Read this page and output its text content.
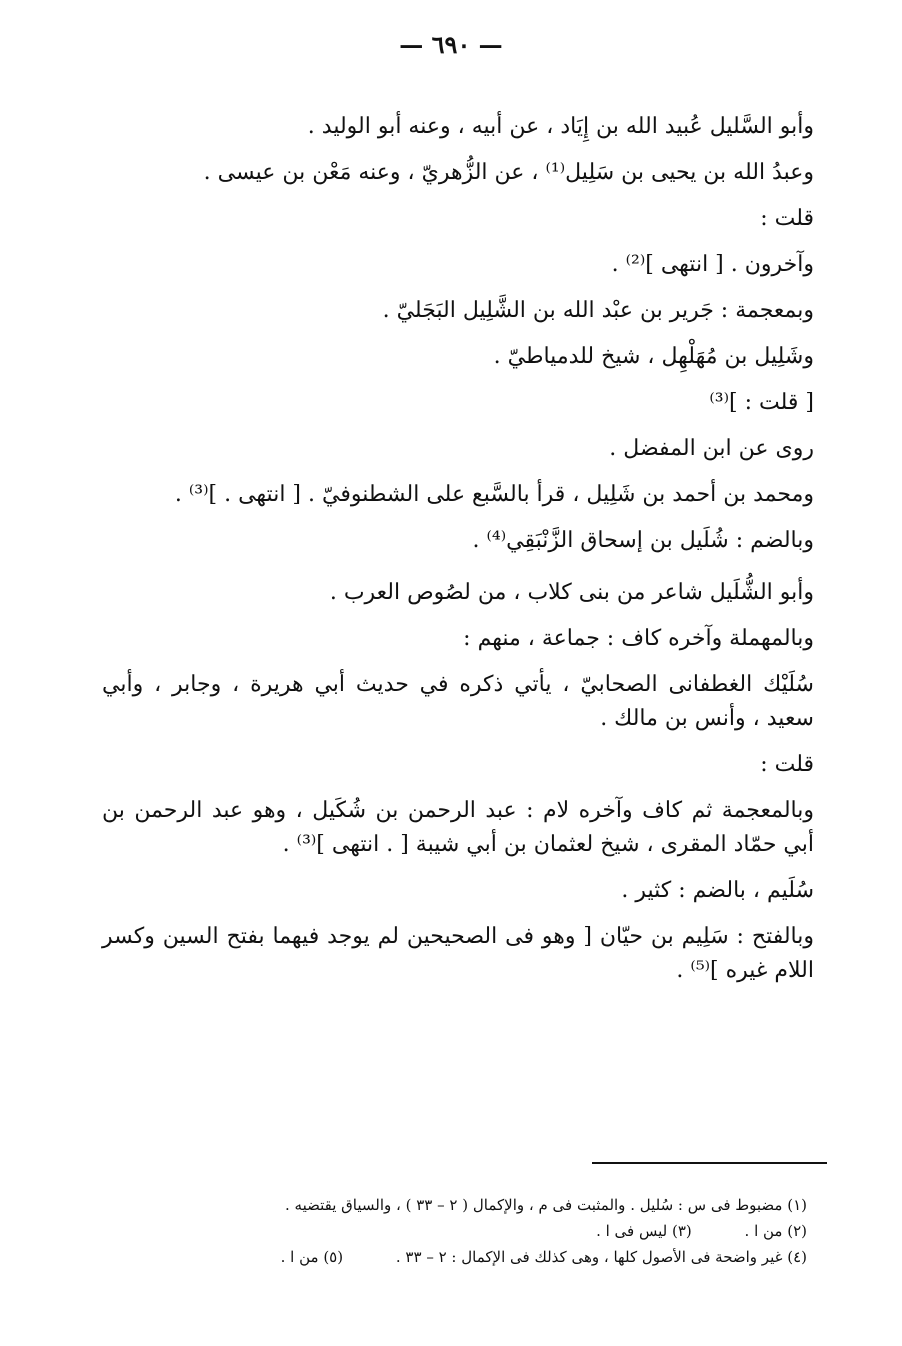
— ٦٩٠ —

وأبو السَّليل عُبيد الله بن إِيَاد ، عن أبيه ، وعنه أبو الوليد .

وعبدُ الله بن يحيى بن سَلِيل⁽¹⁾ ، عن الزُّهريّ ، وعنه مَعْن بن عيسى .

قلت :

وآخرون . [ انتهى ]⁽²⁾ .

وبمعجمة : جَرير بن عبْد الله بن الشَّلِيل البَجَليّ .

وشَلِيل بن مُهَلْهِل ، شيخ للدمياطيّ .

[ قلت : ]⁽³⁾

روى عن ابن المفضل .

ومحمد بن أحمد بن شَلِيل ، قرأ بالسَّبع على الشطنوفيّ . [ انتهى . ]⁽³⁾ .

وبالضم : شُلَيل بن إسحاق الزَّنْبَقِي⁽⁴⁾ .

وأبو الشُّلَيل شاعر من بنى كلاب ، من لصُوص العرب .

وبالمهملة وآخره كاف : جماعة ، منهم :

سُلَيْك الغطفانى الصحابيّ ، يأتي ذكره في حديث أبي هريرة ، وجابر ، وأبي سعيد ، وأنس بن مالك .

قلت :

وبالمعجمة ثم كاف وآخره لام : عبد الرحمن بن شُكَيل ، وهو عبد الرحمن بن أبي حمّاد المقرى ، شيخ لعثمان بن أبي شيبة [ . انتهى ]⁽³⁾ .

سُلَيم ، بالضم : كثير .

وبالفتح : سَلِيم بن حيّان [ وهو فى الصحيحين لم يوجد فيهما بفتح السين وكسر اللام غيره ]⁽⁵⁾ .

(١) مضبوط فى س : سُليل . والمثبت فى م ، والإكمال ( ٢ – ٣٣ ) ، والسياق يقتضيه .
(٢) من ا . (٣) ليس فى ا .
(٤) غير واضحة فى الأصول كلها ، وهى كذلك فى الإكمال : ٢ – ٣٣ . (٥) من ا .
